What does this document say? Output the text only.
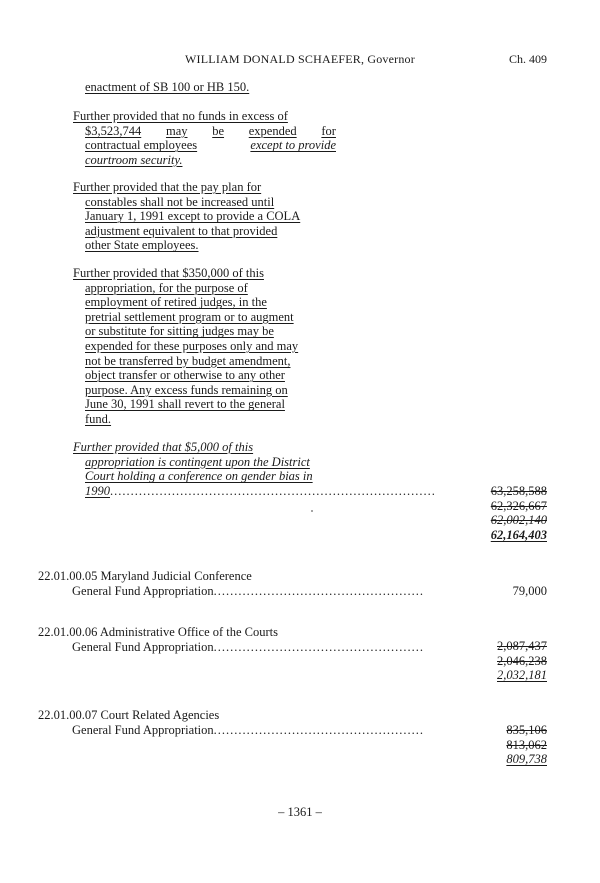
WILLIAM DONALD SCHAEFER, Governor	Ch. 409
enactment of SB 100 or HB 150.
Further provided that no funds in excess of
$3,523,744 may be expended for
contractual employees	except to provide
courtroom security.
Further provided that the pay plan for
constables shall not be increased until
January 1, 1991 except to provide a COLA
adjustment equivalent to that provided
other State employees.
Further provided that $350,000 of this
appropriation, for the purpose of
employment of retired judges, in the
pretrial settlement program or to augment
or substitute for sitting judges may be
expended for these purposes only and may
not be transferred by budget amendment,
object transfer or otherwise to any other
purpose. Any excess funds remaining on
June 30, 1991 shall revert to the general
fund.
Further provided that $5,000 of this
appropriation is contingent upon the District
Court holding a conference on gender bias in
1990 ...............................................................................	63,258,588
62,326,667
62,002,140
62,164,403
22.01.00.05 Maryland Judicial Conference
General Fund Appropriation ...................................................	79,000
22.01.00.06 Administrative Office of the Courts
General Fund Appropriation ...................................................	2,087,437
2,046,238
2,032,181
22.01.00.07 Court Related Agencies
General Fund Appropriation ...................................................	835,106
813,062
809,738
– 1361 –
